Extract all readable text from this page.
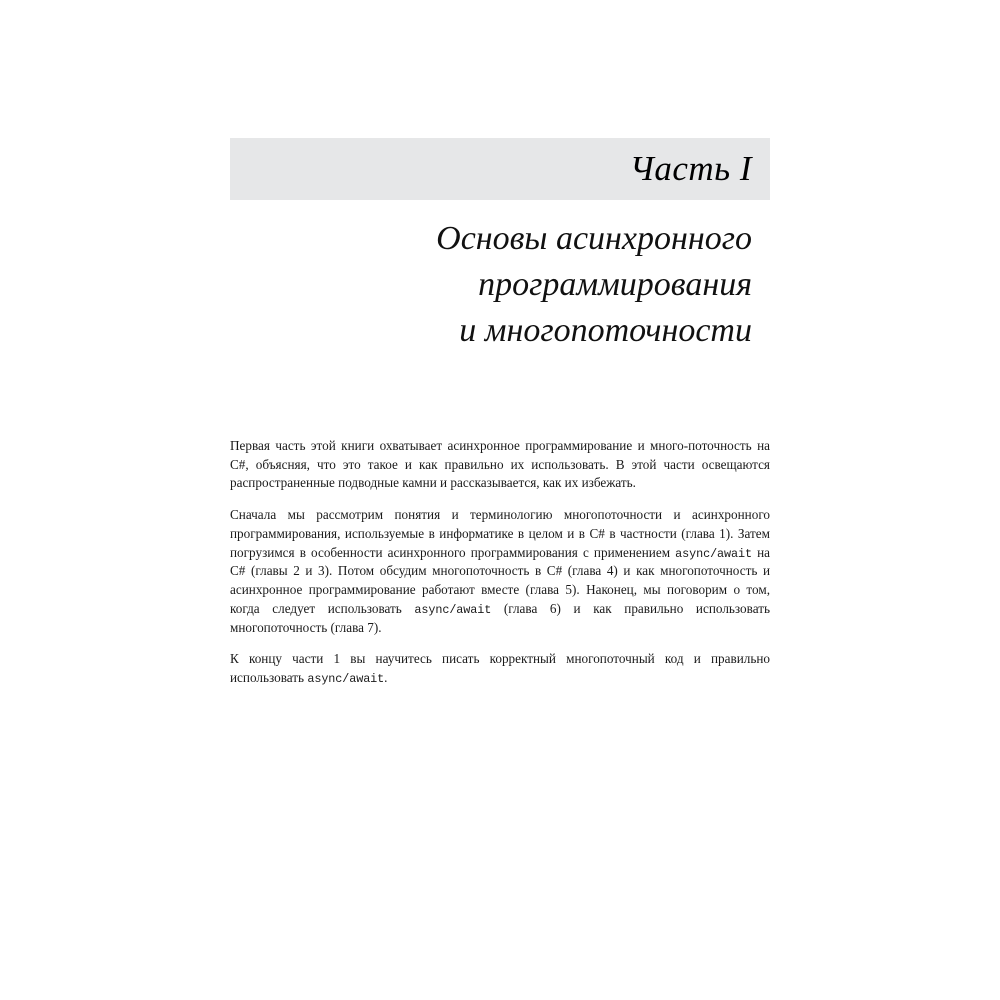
Часть I
Основы асинхронного
программирования
и многопоточности

Первая часть этой книги охватывает асинхронное программирование и много-поточность на C#, объясняя, что это такое и как правильно их использовать. В этой части освещаются распространенные подводные камни и рассказывается, как их избежать.

Сначала мы рассмотрим понятия и терминологию многопоточности и асинхронного программирования, используемые в информатике в целом и в C# в частности (глава 1). Затем погрузимся в особенности асинхронного программирования с применением async/await на C# (главы 2 и 3). Потом обсудим многопоточность в C# (глава 4) и как многопоточность и асинхронное программирование работают вместе (глава 5). Наконец, мы поговорим о том, когда следует использовать async/await (глава 6) и как правильно использовать многопоточность (глава 7).

К концу части 1 вы научитесь писать корректный многопоточный код и правильно использовать async/await.
